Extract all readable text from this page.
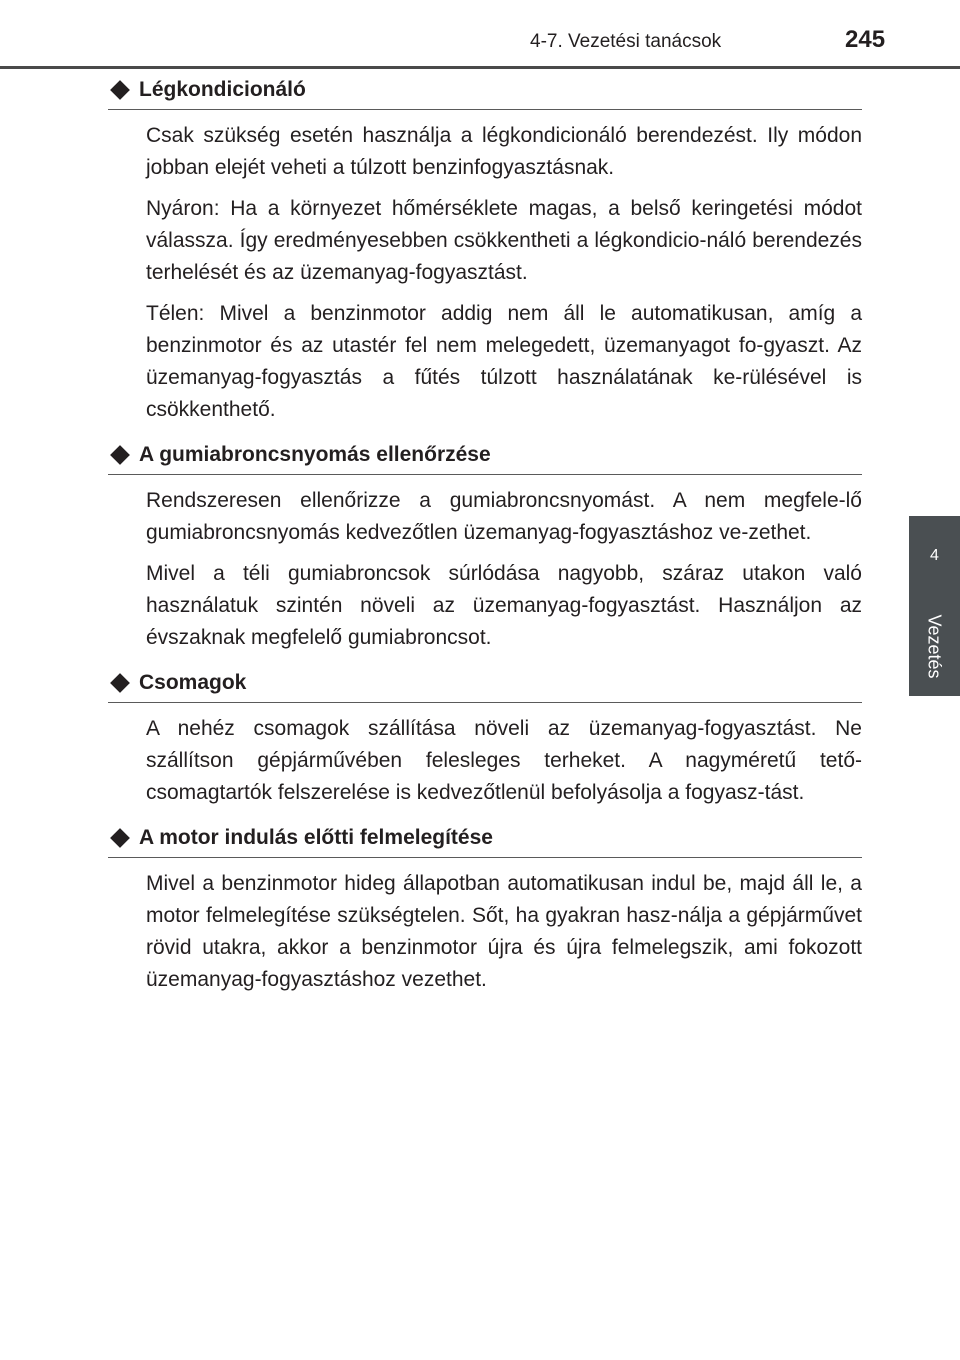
4-7. Vezetési tanácsok	245
4
Vezetés
Légkondicionáló

Csak szükség esetén használja a légkondicionáló berendezést. Ily módon jobban elejét veheti a túlzott benzinfogyasztásnak.

Nyáron: Ha a környezet hőmérséklete magas, a belső keringetési módot válassza. Így eredményesebben csökkentheti a légkondicio-náló berendezés terhelését és az üzemanyag-fogyasztást.

Télen: Mivel a benzinmotor addig nem áll le automatikusan, amíg a benzinmotor és az utastér fel nem melegedett, üzemanyagot fo-gyaszt. Az üzemanyag-fogyasztás a fűtés túlzott használatának ke-rülésével is csökkenthető.

A gumiabroncsnyomás ellenőrzése

Rendszeresen ellenőrizze a gumiabroncsnyomást. A nem megfele-lő gumiabroncsnyomás kedvezőtlen üzemanyag-fogyasztáshoz ve-zethet.

Mivel a téli gumiabroncsok súrlódása nagyobb, száraz utakon való használatuk szintén növeli az üzemanyag-fogyasztást. Használjon az évszaknak megfelelő gumiabroncsot.

Csomagok

A nehéz csomagok szállítása növeli az üzemanyag-fogyasztást. Ne szállítson gépjárművében felesleges terheket. A nagyméretű tető-csomagtartók felszerelése is kedvezőtlenül befolyásolja a fogyasz-tást.

A motor indulás előtti felmelegítése

Mivel a benzinmotor hideg állapotban automatikusan indul be, majd áll le, a motor felmelegítése szükségtelen. Sőt, ha gyakran hasz-nálja a gépjárművet rövid utakra, akkor a benzinmotor újra és újra felmelegszik, ami fokozott üzemanyag-fogyasztáshoz vezethet.
